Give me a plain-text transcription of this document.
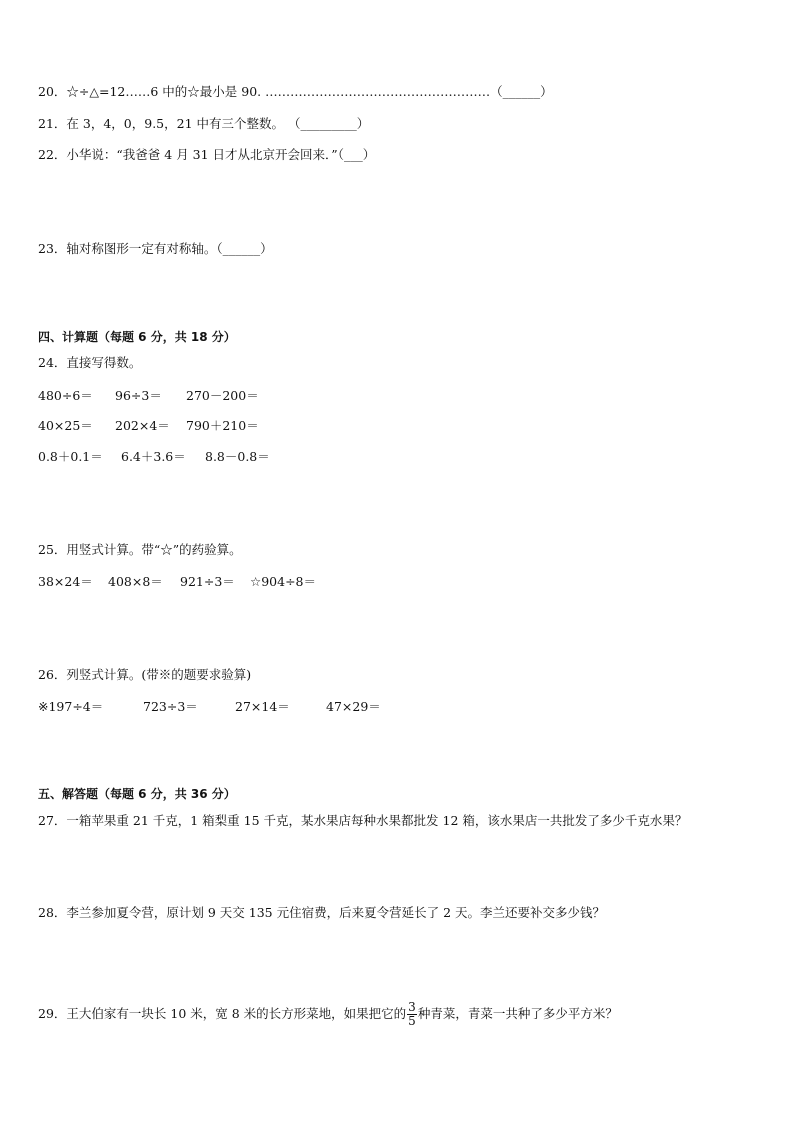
20．☆÷△=12……6 中的☆最小是 90. ………………………………………………（______）
21．在 3，4，0，9.5，21 中有三个整数。 （_________）
22．小华说：“我爸爸 4 月 31 日才从北京开会回来．”（___）
23．轴对称图形一定有对称轴。（______）
四、计算题（每题 6 分，共 18 分）
24．直接写得数。
480÷6＝ 96÷3＝ 270－200＝
40×25＝ 202×4＝ 790＋210＝
0.8＋0.1＝ 6.4＋3.6＝ 8.8－0.8＝
25．用竖式计算。带“☆”的药验算。
38×24＝ 408×8＝ 921÷3＝ ☆904÷8＝
26．列竖式计算。(带※的题要求验算)
※197÷4＝	723÷3＝	27×14＝	47×29＝
五、解答题（每题 6 分，共 36 分）
27．一箱苹果重 21 千克，1 箱梨重 15 千克，某水果店每种水果都批发 12 箱，该水果店一共批发了多少千克水果？
28．李兰参加夏令营，原计划 9 天交 135 元住宿费，后来夏令营延长了 2 天。李兰还要补交多少钱？
29．王大伯家有一块长 10 米，宽 8 米的长方形菜地，如果把它的 $\frac{3}{5}$ 种青菜，青菜一共种了多少平方米？
